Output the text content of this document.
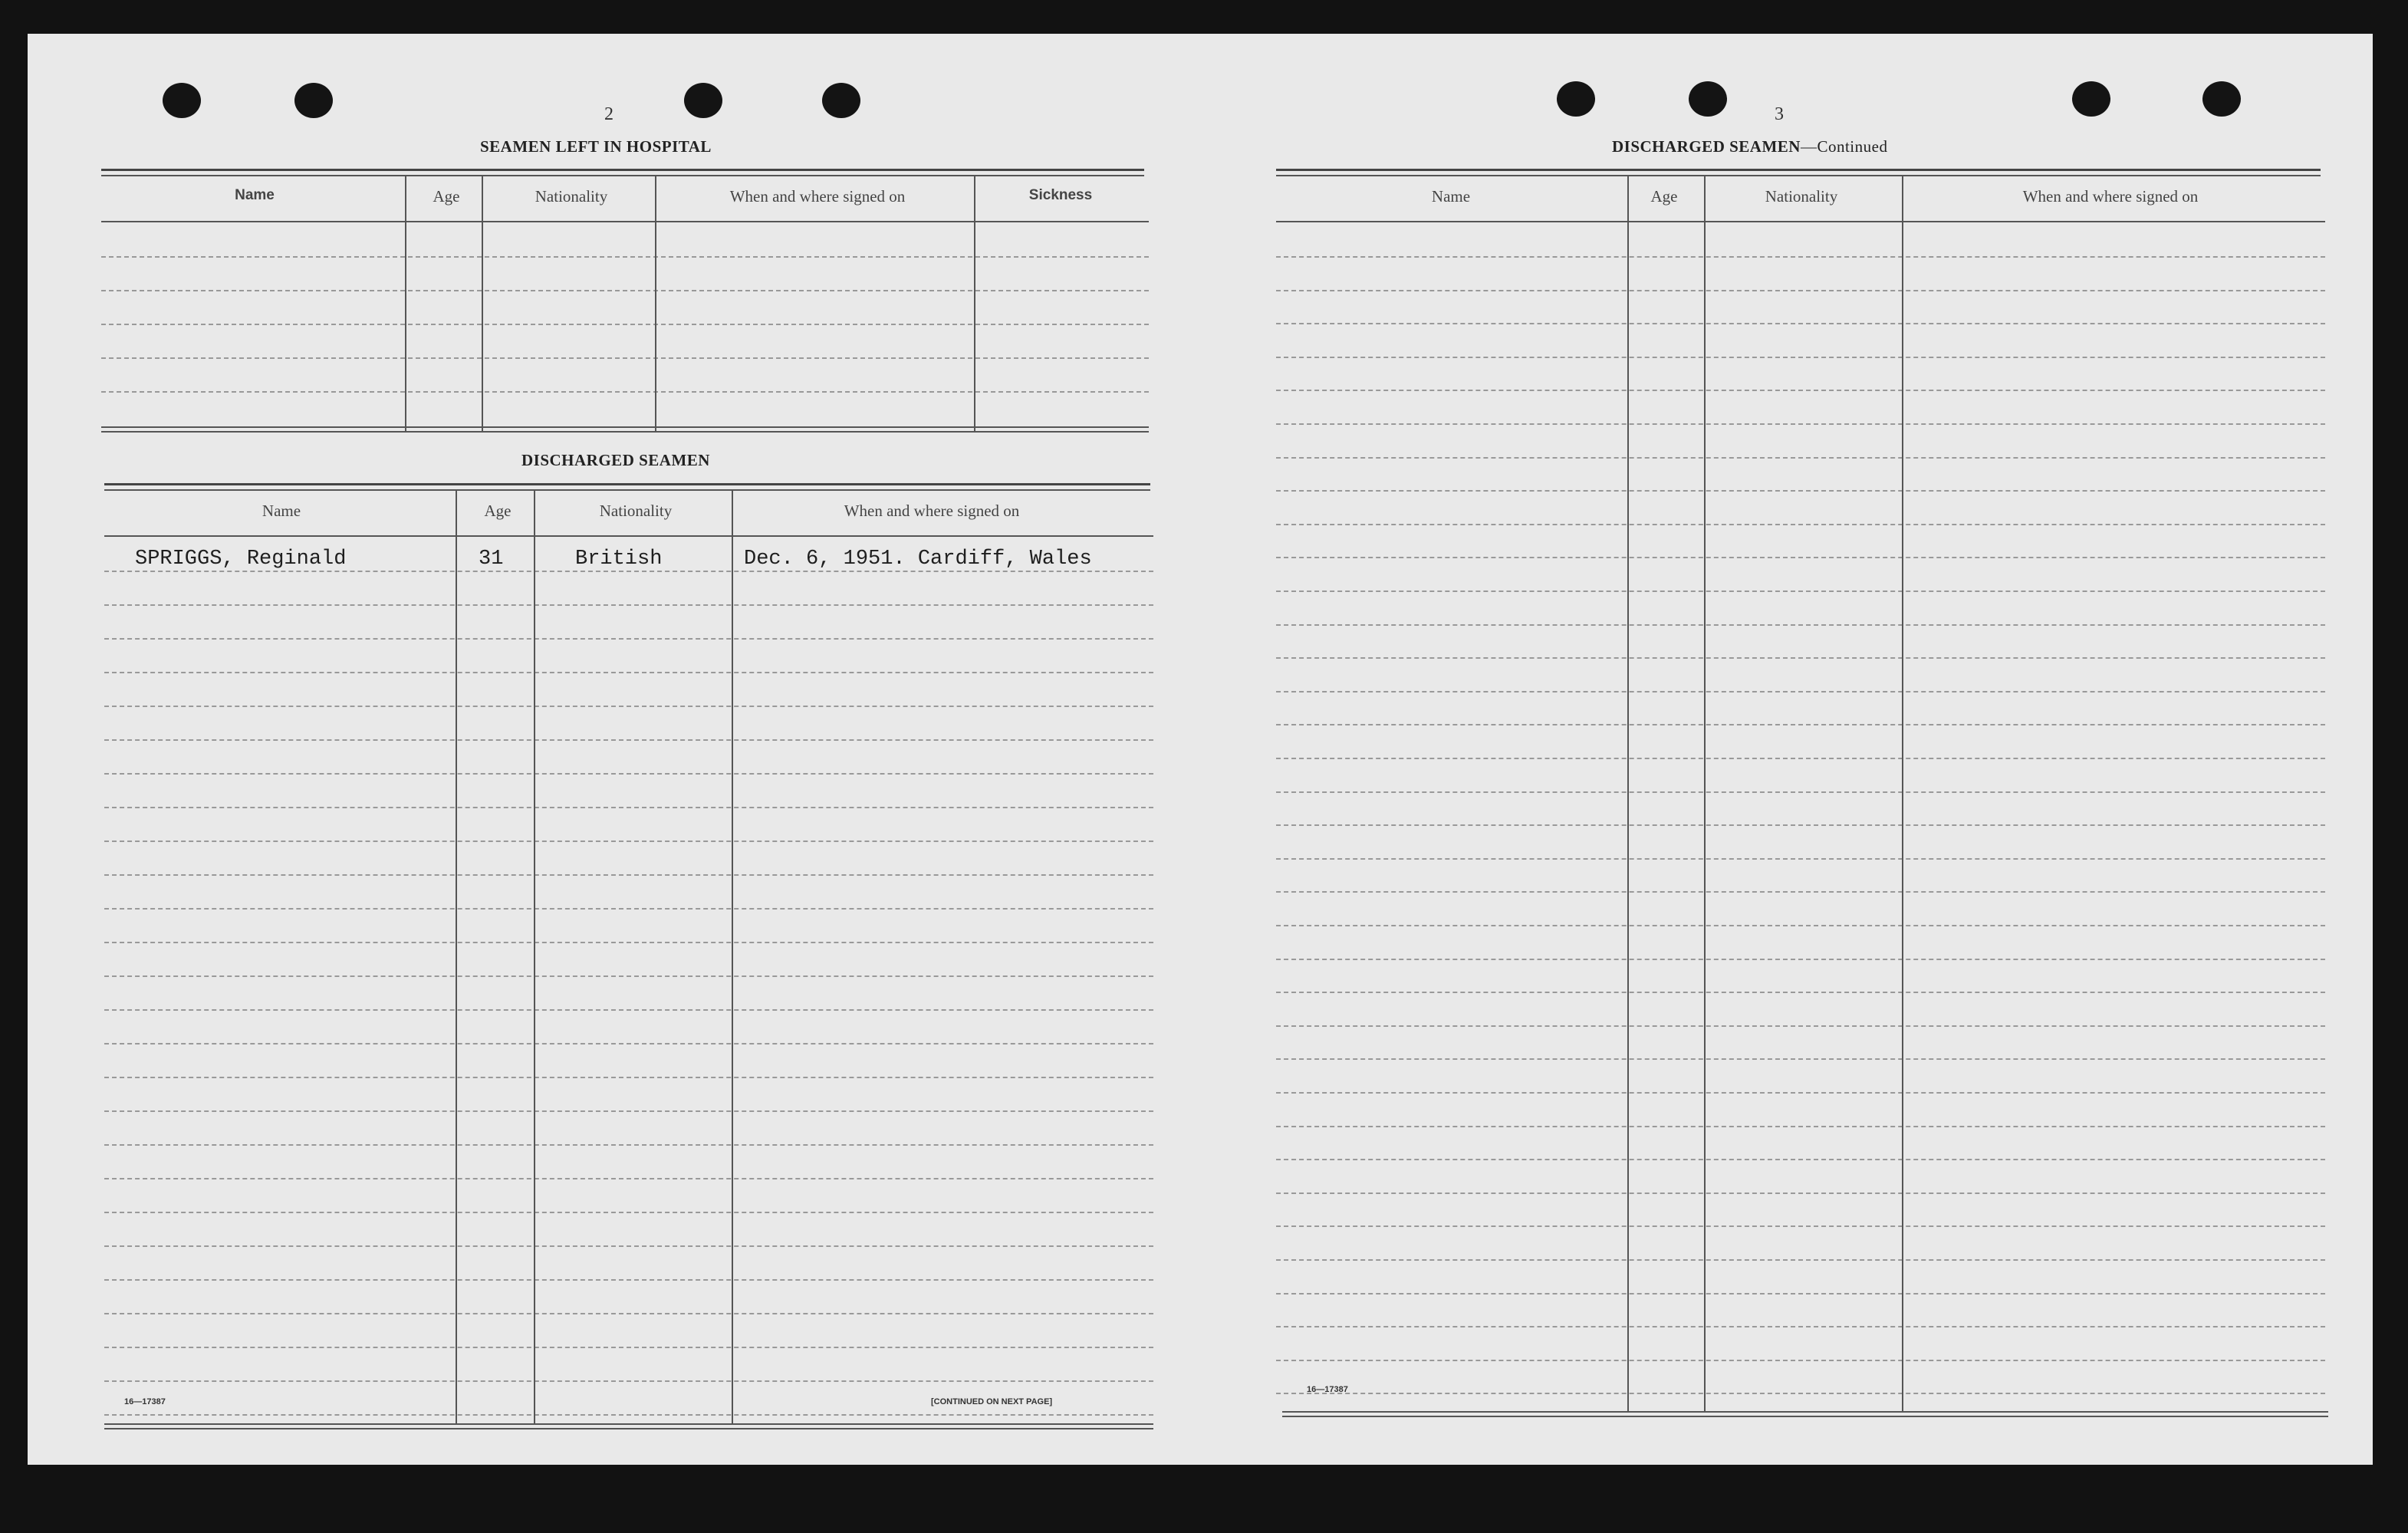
2
SEAMEN LEFT IN HOSPITAL
Name	Age	Nationality	When and where signed on	Sickness
DISCHARGED SEAMEN
Name	Age	Nationality	When and where signed on
SPRIGGS, Reginald	31	British	Dec. 6, 1951. Cardiff, Wales
16—17387	[CONTINUED ON NEXT PAGE]
3
DISCHARGED SEAMEN—Continued
Name	Age	Nationality	When and where signed on
16—17387
